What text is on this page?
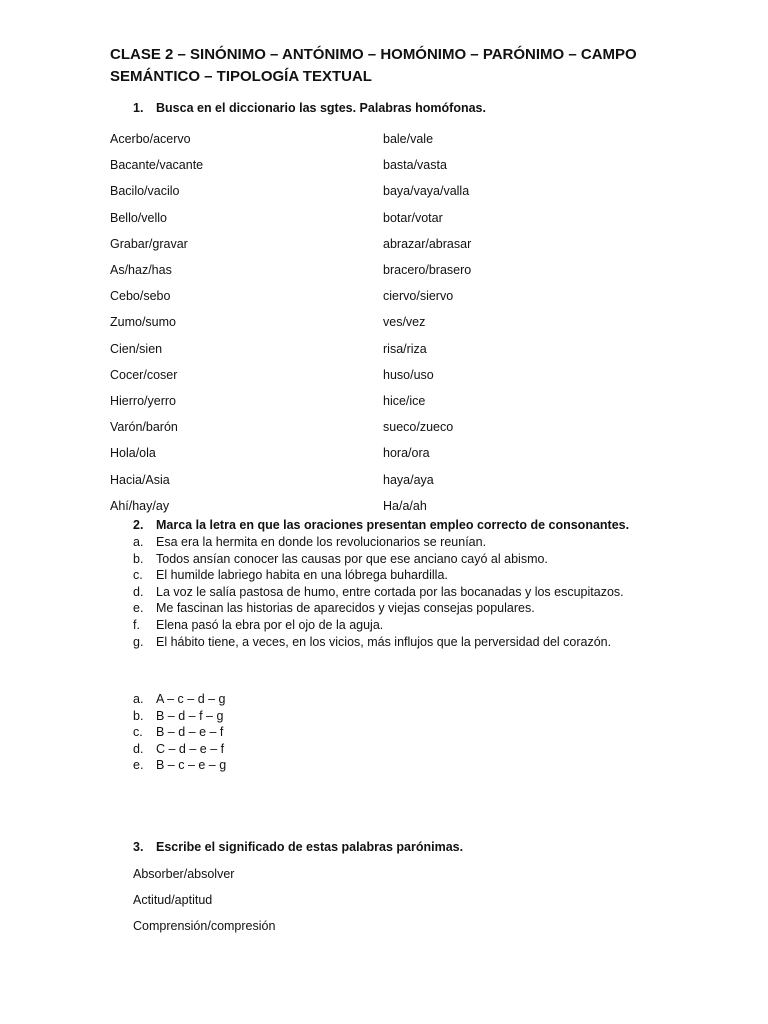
CLASE 2 – SINÓNIMO – ANTÓNIMO – HOMÓNIMO – PARÓNIMO – CAMPO SEMÁNTICO – TIPOLOGÍA TEXTUAL
1. Busca en el diccionario las sgtes. Palabras homófonas.
Acerbo/acervo	bale/vale
Bacante/vacante	basta/vasta
Bacilo/vacilo	baya/vaya/valla
Bello/vello	botar/votar
Grabar/gravar	abrazar/abrasar
As/haz/has	bracero/brasero
Cebo/sebo	ciervo/siervo
Zumo/sumo	ves/vez
Cien/sien	risa/riza
Cocer/coser	huso/uso
Hierro/yerro	hice/ice
Varón/barón	sueco/zueco
Hola/ola	hora/ora
Hacia/Asia	haya/aya
Ahí/hay/ay	Ha/a/ah
2. Marca la letra en que las oraciones presentan empleo correcto de consonantes.
a. Esa era la hermita en donde los revolucionarios se reunían.
b. Todos ansían conocer las causas por que ese anciano cayó al abismo.
c. El humilde labriego habita en una lóbrega buhardilla.
d. La voz le salía pastosa de humo, entre cortada por las bocanadas y los escupitazos.
e. Me fascinan las historias de aparecidos y viejas consejas populares.
f. Elena pasó la ebra por el ojo de la aguja.
g. El hábito tiene, a veces, en los vicios, más influjos que la perversidad del corazón.
a. A – c – d – g
b. B – d – f – g
c. B – d – e – f
d. C – d – e – f
e. B – c – e – g
3. Escribe el significado de estas palabras parónimas.
Absorber/absolver
Actitud/aptitud
Comprensión/compresión
